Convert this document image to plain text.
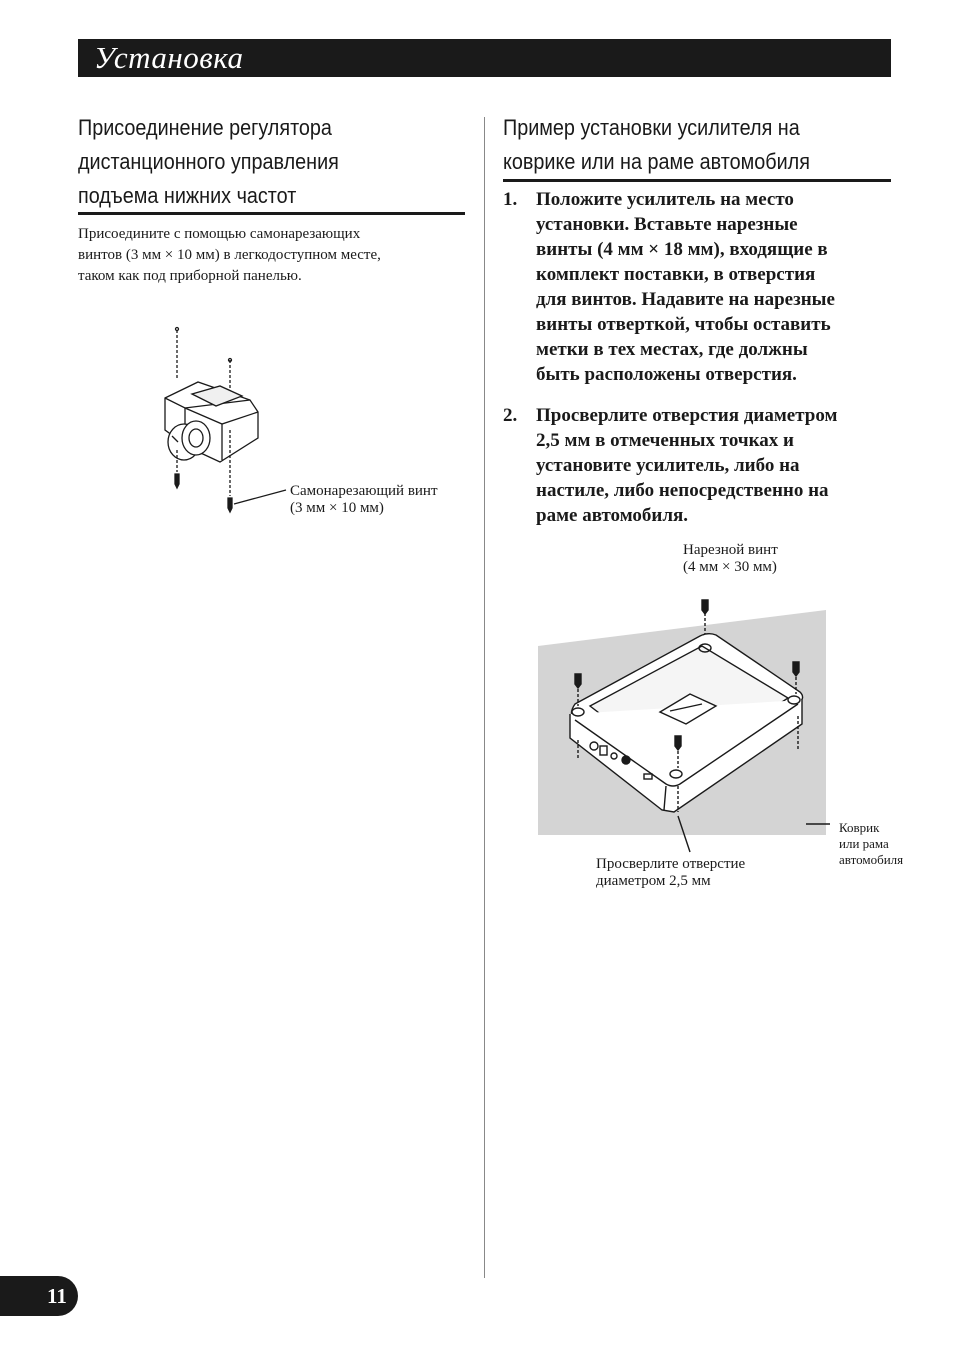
Установка
Присоединение регулятора
дистанционного управления
подъема нижних частот

Присоедините с помощью самонарезающих
винтов (3 мм × 10 мм) в легкодоступном месте,
таком как под приборной панелью.

Самонарезающий винт
(3 мм × 10 мм)

Пример установки усилителя на
коврике или на раме автомобиля
1. Положите усилитель на место
установки. Вставьте нарезные
винты (4 мм × 18 мм), входящие в
комплект поставки, в отверстия
для винтов. Надавите на нарезные
винты отверткой, чтобы оставить
метки в тех местах, где должны
быть расположены отверстия.
2. Просверлите отверстия диаметром
2,5 мм в отмеченных точках и
установите усилитель, либо на
настиле, либо непосредственно на
раме автомобиля.

Нарезной винт
(4 мм × 30 мм)

Просверлите отверстие
диаметром 2,5 мм

Коврик
или рама
автомобиля

11
